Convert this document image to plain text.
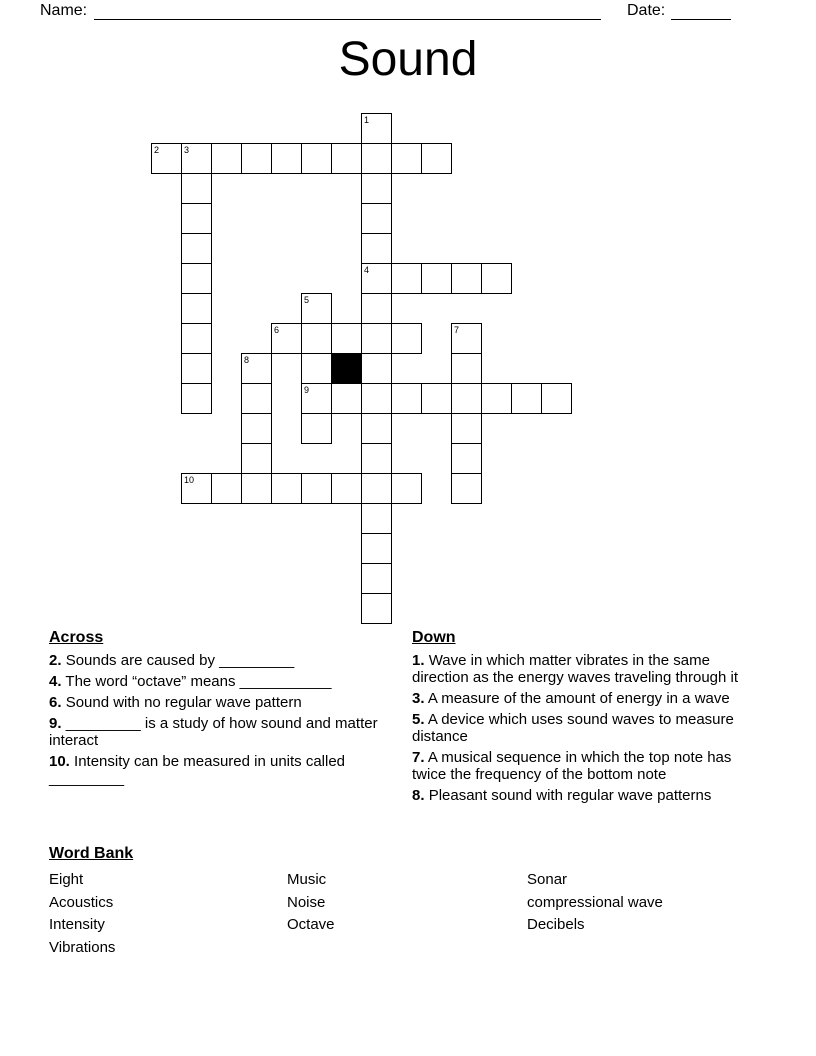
Name:	Date:
Sound
1
4
2	3
5
9
6	7
8
10
Across

2. Sounds are caused by _________

4. The word “octave” means ___________

6. Sound with no regular wave pattern

9. _________ is a study of how sound and matter interact

10. Intensity can be measured in units called _________

Down

1. Wave in which matter vibrates in the same direction as the energy waves traveling through it

3. A measure of the amount of energy in a wave

5. A device which uses sound waves to measure distance

7. A musical sequence in which the top note has twice the frequency of the bottom note

8. Pleasant sound with regular wave patterns

Word Bank
Eight
Acoustics
Intensity
Vibrations
Music
Noise
Octave
Sonar
compressional wave
Decibels
